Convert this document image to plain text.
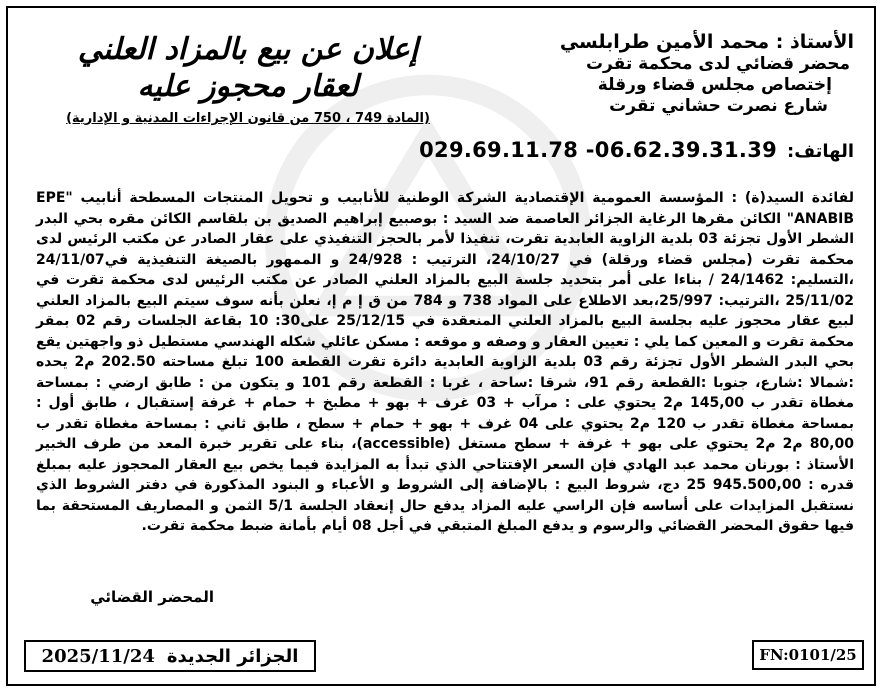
الأستاذ : محمد الأمين طرابلسي
محضر قضائي لدى محكمة تقرت
إختصاص مجلس قضاء ورقلة
شارع نصرت حشاني تقرت
إعلان عن بيع بالمزاد العلني
لعقار محجوز عليه
(المادة 749 ، 750 من قانون الإجراءات المدنية و الإدارية)
الهاتف:
029.69.11.78 -06.62.39.31.39

لفائدة السيد(ة) : المؤسسة العمومية الإقتصادية الشركة الوطنية للأنابيب و تحويل المنتجات المسطحة أنابيب "EPE ANABIB" الكائن مقرها الرغاية الجزائر العاصمة ضد السيد : بوصبيع إبراهيم الصديق بن بلقاسم الكائن مقره بحي البدر الشطر الأول تجزئة 03 بلدية الزاوية العابدية تقرت، تنفيذا لأمر بالحجز التنفيذي على عقار الصادر عن مكتب الرئيس لدى محكمة تقرت (مجلس قضاء ورقلة) في 24/10/27، الترتيب : 24/928 و الممهور بالصيغة التنفيذية في24/11/07 ،التسليم: 24/1462 / بناءا على أمر بتحديد جلسة البيع بالمزاد العلني الصادر عن مكتب الرئيس لدى محكمة تقرت في 25/11/02 ،الترتيب: 25/997،بعد الاطلاع على المواد 738 و 784 من ق إ م إ، نعلن بأنه سوف سيتم البيع بالمزاد العلني لبيع عقار محجوز عليه بجلسة البيع بالمزاد العلني المنعقدة في 25/12/15 على30: 10 بقاعة الجلسات رقم 02 بمقر محكمة تقرت و المعين كما يلي : تعيين العقار و وصفه و موقعه : مسكن عائلي شكله الهندسي مستطيل ذو واجهتين يقع بحي البدر الشطر الأول تجزئة رقم 03 بلدية الزاوية العابدية دائرة تقرت القطعة 100 تبلغ مساحته 202.50 م2 يحده :شمالا :شارع، جنوبا :القطعة رقم 91، شرقا :ساحة ، غربا : القطعة رقم 101 و يتكون من : طابق ارضي : بمساحة مغطاة تقدر ب 145,00 م2 يحتوي على : مرآب + 03 غرف + بهو + مطبخ + حمام + غرفة إستقبال ، طابق أول : بمساحة مغطاة تقدر ب 120 م2 يحتوي على 04 غرف + بهو + حمام + سطح ، طابق ثاني : بمساحة مغطاة تقدر ب 80,00 م2 م2 يحتوي على بهو + غرفة + سطح مستغل (accessible)، بناء على تقرير خبرة المعد من طرف الخبير الأستاذ : بورنان محمد عبد الهادي فإن السعر الإفتتاحي الذي تبدأ به المزايدة فيما يخص بيع العقار المحجوز عليه بمبلغ قدره : 945.500,00 25 دج، شروط البيع : بالإضافة إلى الشروط و الأعباء و البنود المذكورة في دفتر الشروط الذي نستقبل المزايدات على أساسه فإن الراسي عليه المزاد يدفع حال إنعقاد الجلسة 5/1 الثمن و المصاريف المستحقة بما فيها حقوق المحضر القضائي والرسوم و يدفع المبلغ المتبقي في أجل 08 أيام بأمانة ضبط محكمة تقرت.

المحضر القضائي
FN:0101/25
الجزائر الجديدة
2025/11/24
